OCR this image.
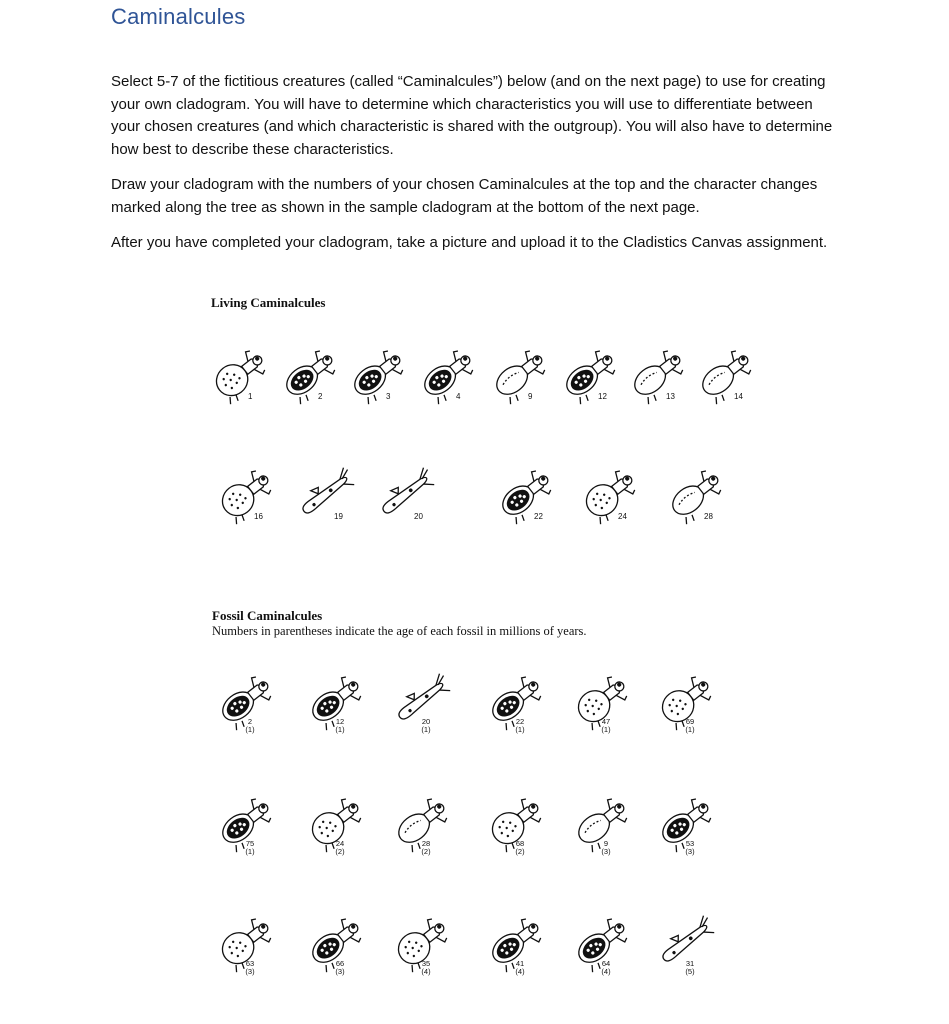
Caminalcules

Select 5-7 of the fictitious creatures (called “Caminalcules”) below (and on the next page) to use for creating your own cladogram. You will have to determine which characteristics you will use to differentiate between your chosen creatures (and which characteristic is shared with the outgroup). You will also have to determine how best to describe these characteristics.

Draw your cladogram with the numbers of your chosen Caminalcules at the top and the character changes marked along the tree as shown in the sample cladogram at the bottom of the next page.

After you have completed your cladogram, take a picture and upload it to the Cladistics Canvas assignment.

Living Caminalcules
Fossil Caminalcules
Numbers in parentheses indicate the age of each fossil in millions of years.
1	2	3	4	9	12	13	14
16	19	20	22	24	28
2
(1)
12
(1)
20
(1)
22
(1)
47
(1)
69
(1)
75
(1)
24
(2)
28
(2)
68
(2)
9
(3)
53
(3)
63
(3)
66
(3)
35
(4)
41
(4)
64
(4)
31
(5)
